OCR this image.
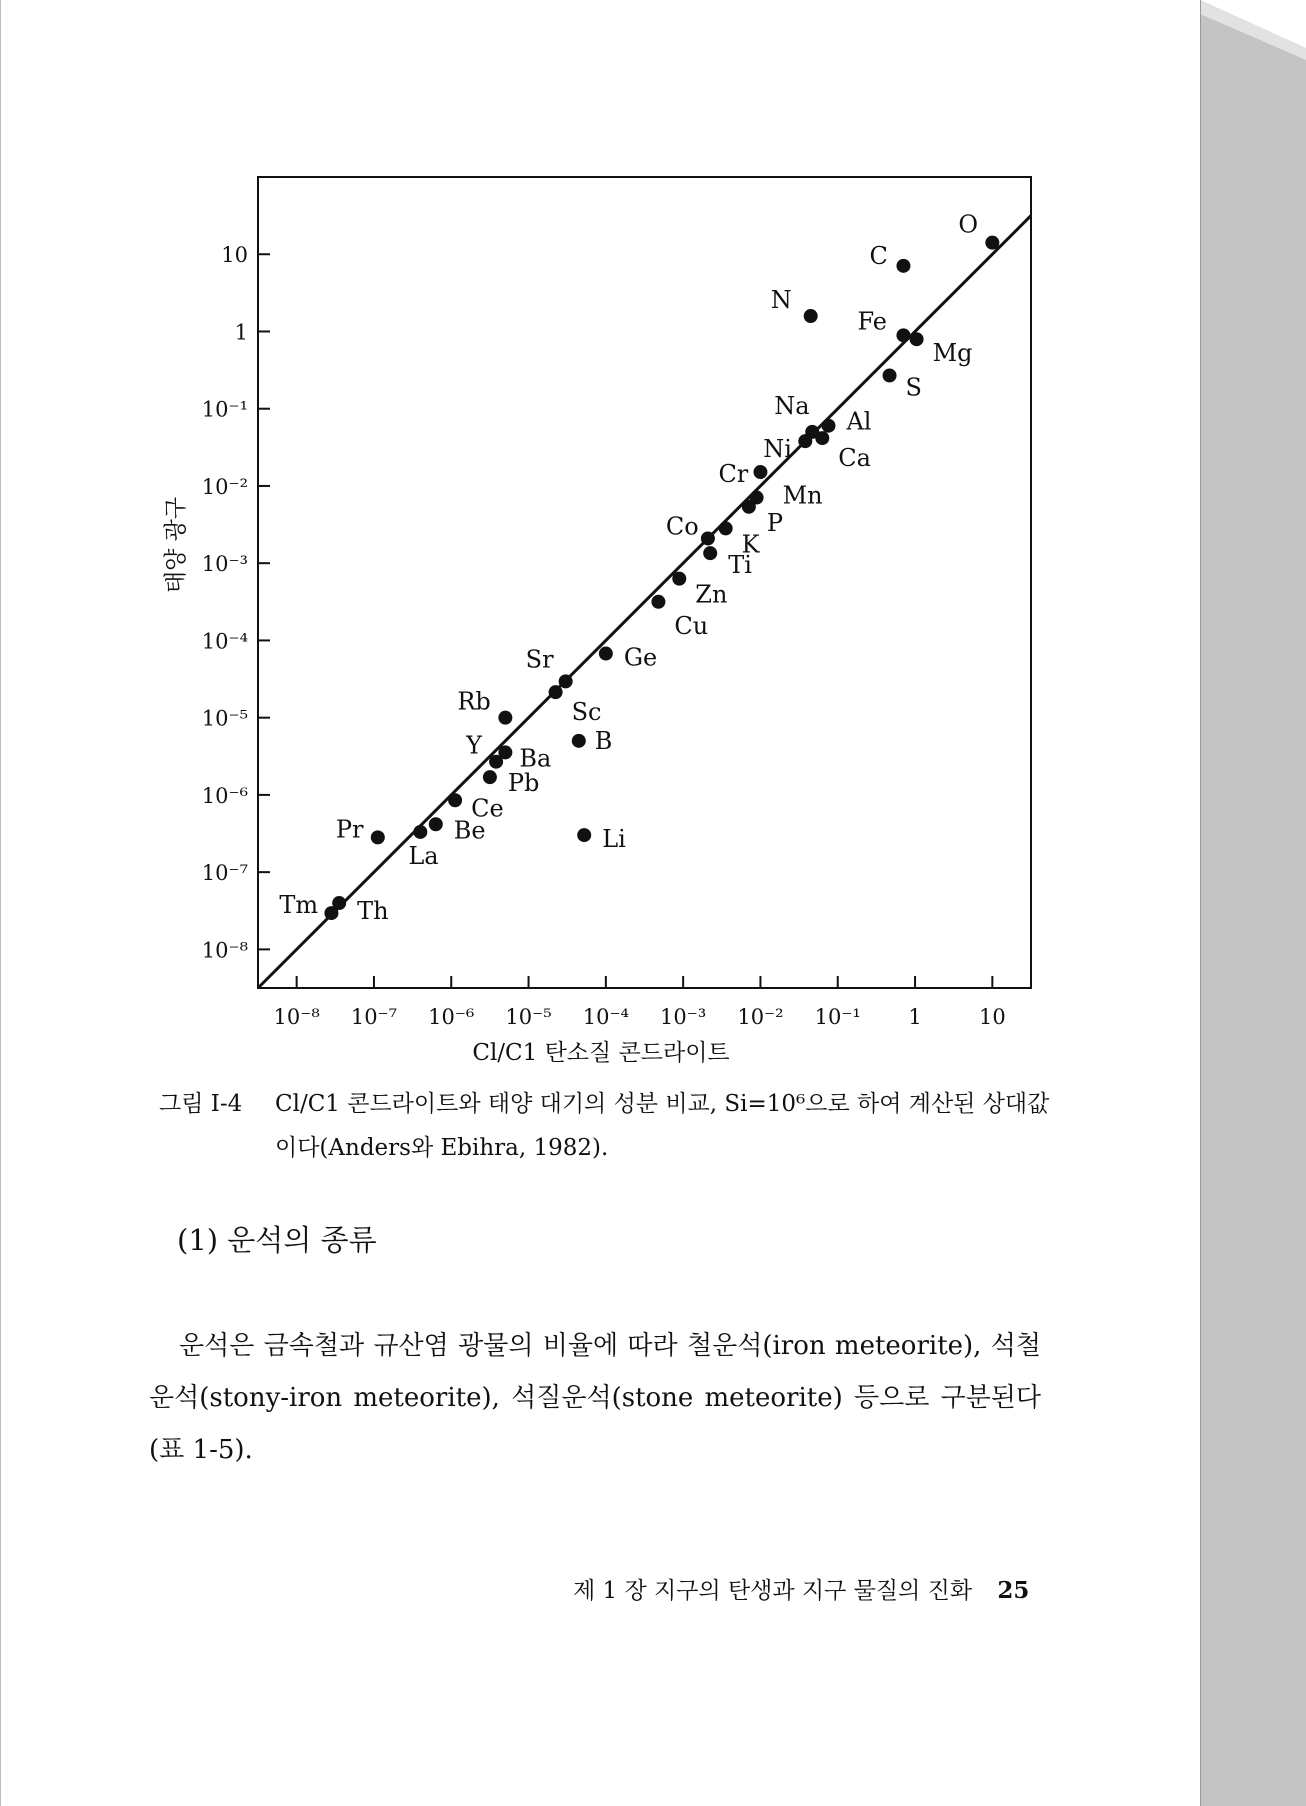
10⁻⁸ 10⁻⁷ 10⁻⁶ 10⁻⁵ 10⁻⁴ 10⁻³ 10⁻² 10⁻¹ 1	10
10
1
10⁻¹
10⁻²
10⁻³
10⁻⁴
10⁻⁵
10⁻⁶
10⁻⁷
10⁻⁸
O
C
N
Fe
Mg
S
Al
Na
Ca
Ni
Cr
Mn
P
K
Co
Ti
Zn
Cu
Ge
Sr
Sc
Rb
B
Ba
Y
Pb
Ce
Be
La
Pr	Li
Th
Tm
Cl/C1 탄소질 콘드라이트
태양 광구
그림 Ⅰ-4 Cl/C1 콘드라이트와 태양 대기의 성분 비교, Si=10⁶으로 하여 계산된 상대값이다(Anders와 Ebihra, 1982).
(1) 운석의 종류
운석은 금속철과 규산염 광물의 비율에 따라 철운석(iron meteorite), 석철운석(stony-iron meteorite), 석질운석(stone meteorite) 등으로 구분된다(표 1-5).
제 1 장 지구의 탄생과 지구 물질의 진화 25
